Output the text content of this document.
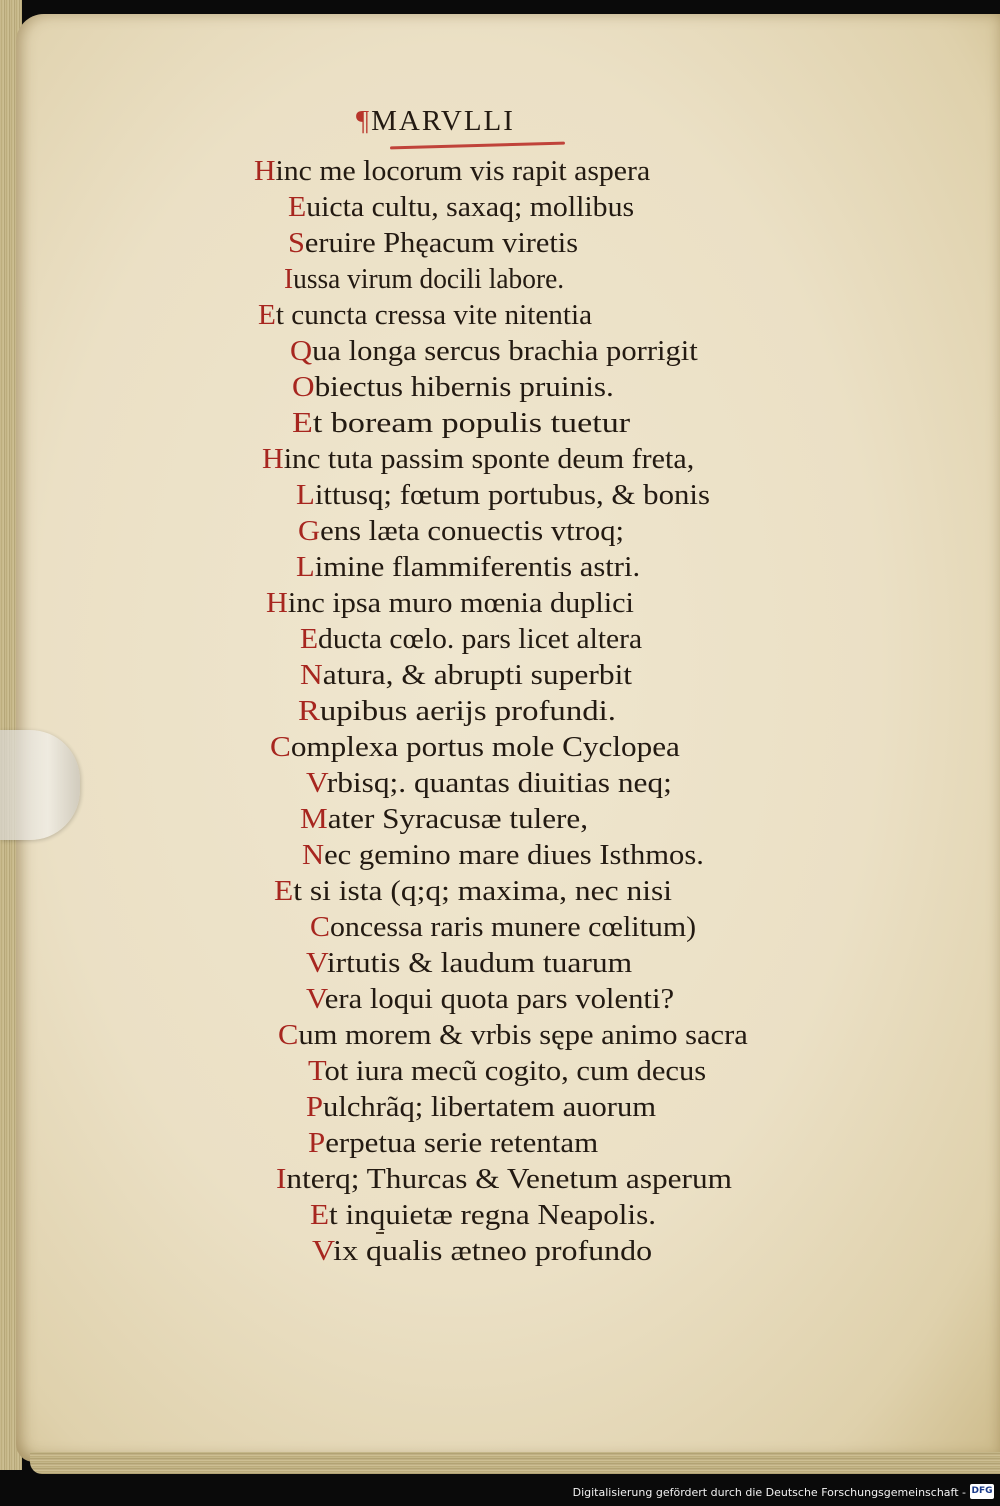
¶MARVLLI
Hinc me locorum vis rapit aspera
Euicta cultu, saxaq; mollibus
Seruire Phęacum viretis
Iussa virum docili labore.
Et cuncta cressa vite nitentia
Qua longa sercus brachia porrigit
Obiectus hibernis pruinis.
Et boream populis tuetur
Hinc tuta passim sponte deum freta,
Littusq; fœtum portubus, & bonis
Gens læta conuectis vtroq;
Limine flammiferentis astri.
Hinc ipsa muro mœnia duplici
Educta cœlo. pars licet altera
Natura, & abrupti superbit
Rupibus aerijs profundi.
Complexa portus mole Cyclopea
Vrbisq;. quantas diuitias neq;
Mater Syracusæ tulere,
Nec gemino mare diues Isthmos.
Et si ista (q;q; maxima, nec nisi
Concessa raris munere cœlitum)
Virtutis & laudum tuarum
Vera loqui quota pars volenti?
Cum morem & vrbis sępe animo sacra
Tot iura mecũ cogito, cum decus
Pulchrãq; libertatem auorum
Perpetua serie retentam
Interq; Thurcas & Venetum asperum
Et inquietæ regna Neapolis.
Vix qualis ætneo profundo
Digitalisierung gefördert durch die Deutsche Forschungsgemeinschaft - DFG
